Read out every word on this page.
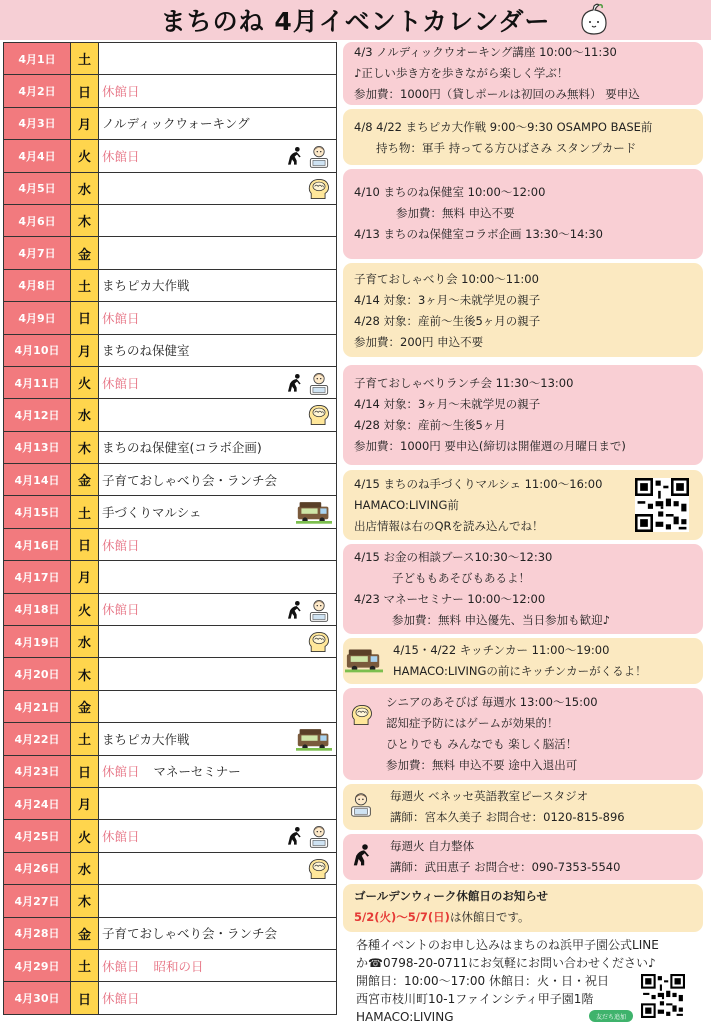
まちのね 4月イベントカレンダー
4月1日	土
4月2日	日 休館日
4月3日	月 ノルディックウォーキング
4月4日	火 休館日
4月5日	水
4月6日	木
4月7日	金
4月8日	土 まちピカ大作戦
4月9日	日 休館日
4月10日	月 まちのね保健室
4月11日	火 休館日
4月12日	水
4月13日	木 まちのね保健室(コラボ企画)
4月14日	金 子育ておしゃべり会・ランチ会
4月15日	土 手づくりマルシェ
4月16日	日 休館日
4月17日	月
4月18日	火 休館日
4月19日	水
4月20日	木
4月21日	金
4月22日	土 まちピカ大作戦
4月23日	日 休館日 マネーセミナー
4月24日	月
4月25日	火 休館日
4月26日	水
4月27日	木
4月28日	金 子育ておしゃべり会・ランチ会
4月29日	土 休館日 昭和の日
4月30日	日 休館日
4/3 ノルディックウオーキング講座 10:00～11:30
♪正しい歩き方を歩きながら楽しく学ぶ！
参加費：1000円（貸しポールは初回のみ無料） 要申込
4/8 4/22 まちピカ大作戦 9:00～9:30 OSAMPO BASE前
持ち物：軍手 持ってる方ひばさみ スタンプカード
4/10 まちのね保健室 10:00～12:00
参加費：無料 申込不要
4/13 まちのね保健室コラボ企画 13:30～14:30
子育ておしゃべり会 10:00～11:00
4/14 対象：3ヶ月～未就学児の親子
4/28 対象：産前～生後5ヶ月の親子
参加費：200円 申込不要
子育ておしゃべりランチ会 11:30～13:00
4/14 対象：3ヶ月～未就学児の親子
4/28 対象：産前～生後5ヶ月
参加費：1000円 要申込(締切は開催週の月曜日まで)
4/15 まちのね手づくりマルシェ 11:00～16:00
HAMACO:LIVING前
出店情報は右のQRを読み込んでね！
4/15 お金の相談ブース10:30～12:30
子どももあそびもあるよ！
4/23 マネーセミナー 10:00～12:00
参加費：無料 申込優先、当日参加も歓迎♪
4/15・4/22 キッチンカー 11:00～19:00
HAMACO:LIVINGの前にキッチンカーがくるよ！
シニアのあそびば 毎週水 13:00～15:00
認知症予防にはゲームが効果的！
ひとりでも みんなでも 楽しく脳活！
参加費：無料 申込不要 途中入退出可
毎週火 ベネッセ英語教室ピースタジオ
講師：宮本久美子 お問合せ：0120-815-896
毎週火 自力整体
講師：武田恵子 お問合せ：090-7353-5540
ゴールデンウィーク休館日のお知らせ
5/2(火)～5/7(日)は休館日です。
各種イベントのお申し込みはまちのね浜甲子園公式LINE
か☎0798-20-0711にお気軽にお問い合わせください♪
開館日：10:00～17:00 休館日：火・日・祝日
西宮市枝川町10-1ファインシティ甲子園1階
HAMACO:LIVING	友だち追加
